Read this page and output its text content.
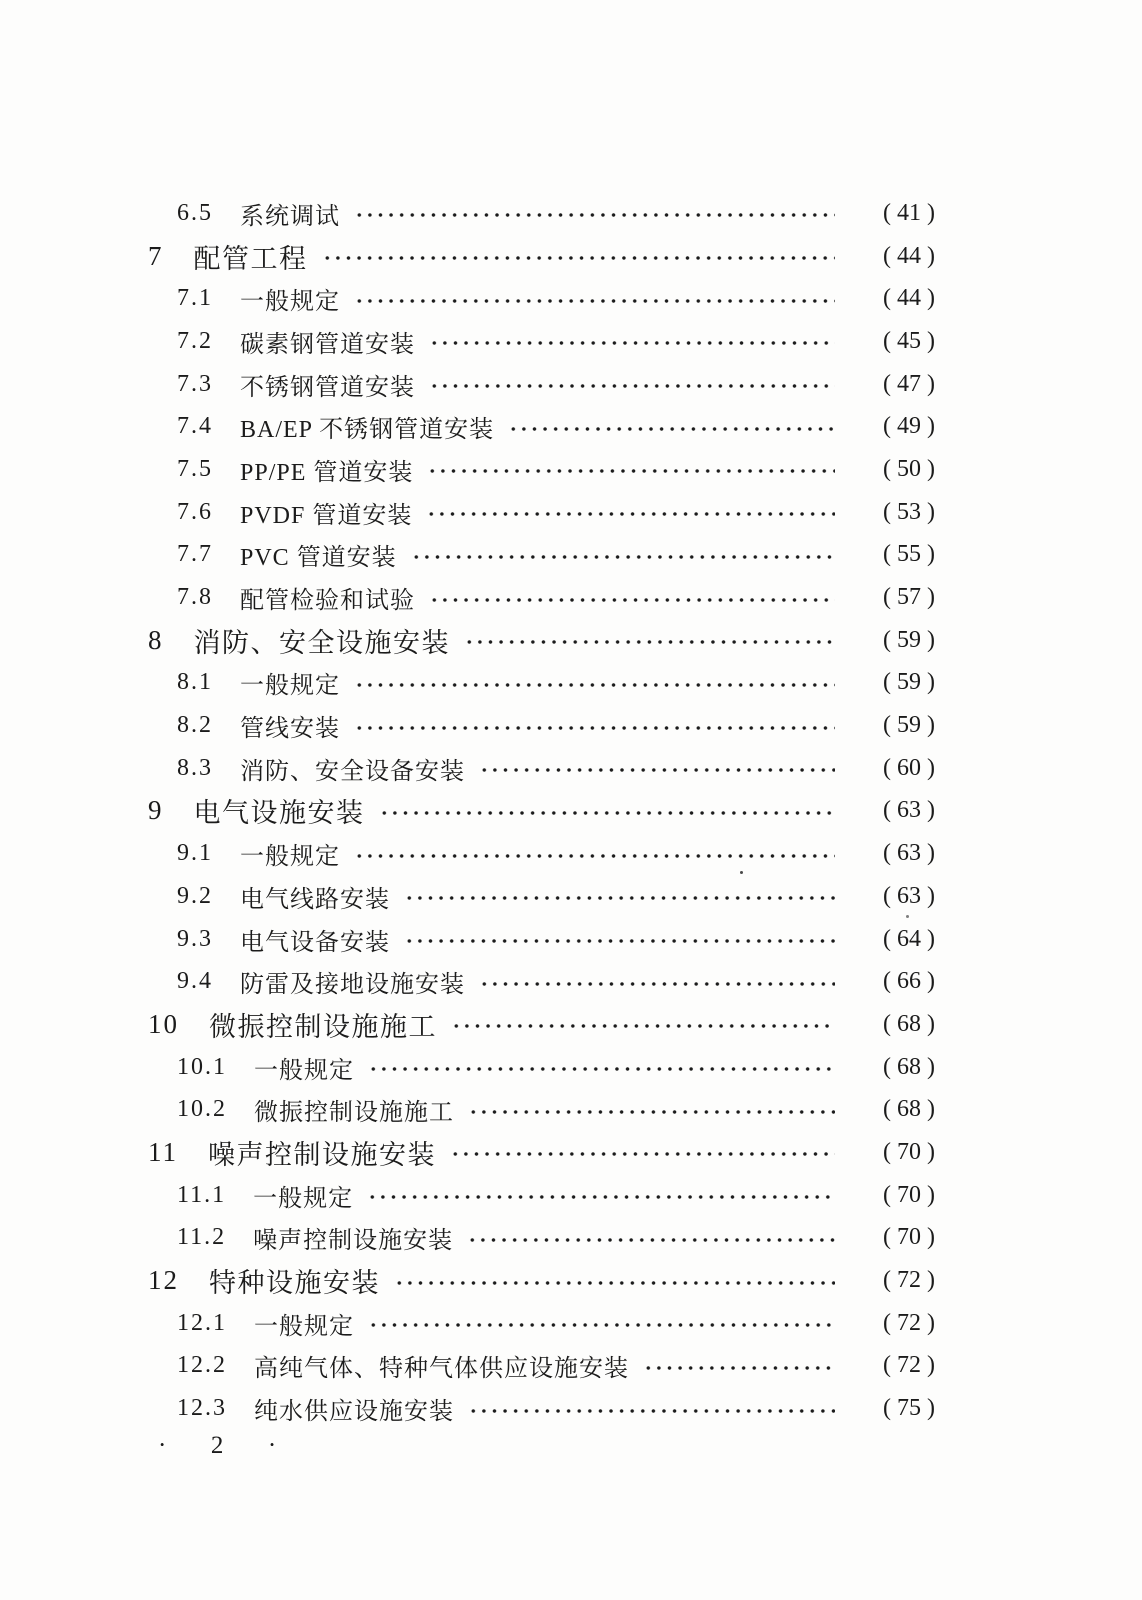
6.5 系统调试	( 41 )
7 配管工程	( 44 )
7.1 一般规定	( 44 )
7.2 碳素钢管道安装	( 45 )
7.3 不锈钢管道安装	( 47 )
7.4 BA/EP 不锈钢管道安装	( 49 )
7.5 PP/PE 管道安装	( 50 )
7.6 PVDF 管道安装	( 53 )
7.7 PVC 管道安装	( 55 )
7.8 配管检验和试验	( 57 )
8 消防、安全设施安装	( 59 )
8.1 一般规定	( 59 )
8.2 管线安装	( 59 )
8.3 消防、安全设备安装	( 60 )
9 电气设施安装	( 63 )
9.1 一般规定	( 63 )
9.2 电气线路安装	( 63 )
9.3 电气设备安装	( 64 )
9.4 防雷及接地设施安装	( 66 )
10 微振控制设施施工	( 68 )
10.1 一般规定	( 68 )
10.2 微振控制设施施工	( 68 )
11 噪声控制设施安装	( 70 )
11.1 一般规定	( 70 )
11.2 噪声控制设施安装	( 70 )
12 特种设施安装	( 72 )
12.1 一般规定	( 72 )
12.2 高纯气体、特种气体供应设施安装	( 72 )
12.3 纯水供应设施安装	( 75 )
·  2  ·
